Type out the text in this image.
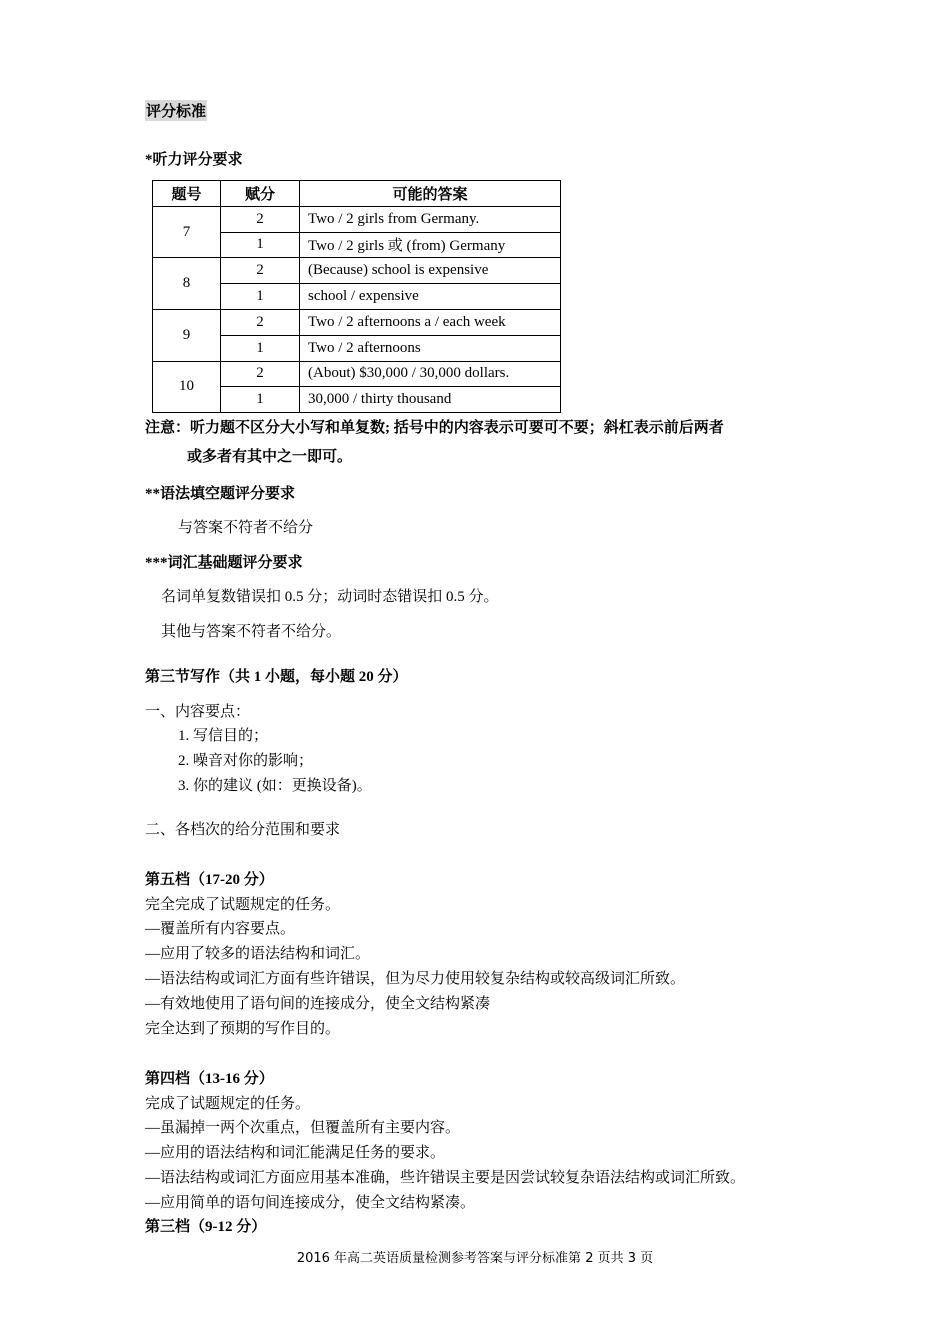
评分标准
*听力评分要求
题号	赋分	可能的答案
7	2	Two / 2 girls from Germany.
	1	Two / 2 girls 或 (from) Germany
8	2	(Because) school is expensive
	1	school / expensive
9	2	Two / 2 afternoons a / each week
	1	Two / 2 afternoons
10	2	(About) $30,000 / 30,000 dollars.
	1	30,000 / thirty thousand
注意：听力题不区分大小写和单复数; 括号中的内容表示可要可不要；斜杠表示前后两者
或多者有其中之一即可。
**语法填空题评分要求
与答案不符者不给分
***词汇基础题评分要求
名词单复数错误扣 0.5 分；动词时态错误扣 0.5 分。
其他与答案不符者不给分。
第三节写作（共 1 小题，每小题 20 分）
一、内容要点：
1. 写信目的；
2. 噪音对你的影响；
3. 你的建议 (如：更换设备)。
二、各档次的给分范围和要求
第五档（17-20 分）
完全完成了试题规定的任务。
—覆盖所有内容要点。
—应用了较多的语法结构和词汇。
—语法结构或词汇方面有些许错误，但为尽力使用较复杂结构或较高级词汇所致。
—有效地使用了语句间的连接成分，使全文结构紧凑
完全达到了预期的写作目的。
第四档（13-16 分）
完成了试题规定的任务。
—虽漏掉一两个次重点，但覆盖所有主要内容。
—应用的语法结构和词汇能满足任务的要求。
—语法结构或词汇方面应用基本准确，些许错误主要是因尝试较复杂语法结构或词汇所致。
—应用简单的语句间连接成分，使全文结构紧凑。
第三档（9-12 分）
2016 年高二英语质量检测参考答案与评分标准第 2 页共 3 页
